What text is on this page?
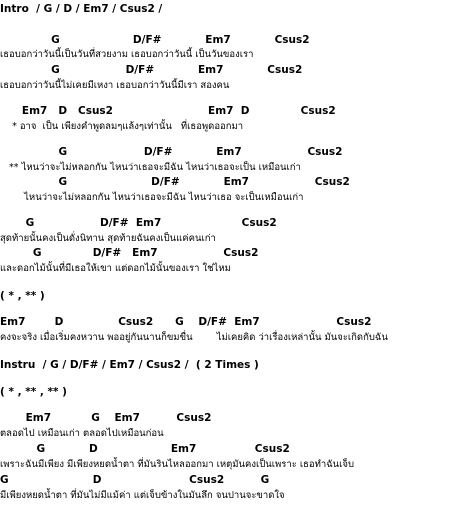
Intro  / G / D / Em7 / Csus2 /
G                    D/F#            Em7            Csus2
เธอบอกว่าวันนี้เป็นวันที่สวยงาม เธอบอกว่าวันนี้ เป็นวันของเรา
G                  D/F#            Em7            Csus2
เธอบอกว่าวันนี้ไม่เคยมีเหงา เธอบอกว่าวันนี้มีเรา สองคน
Em7   D   Csus2                          Em7  D              Csus2
* อาจ  เป็น เพียงคำพูดลมๆแล้งๆเท่านั้น   ที่เธอพูดออกมา
G                     D/F#            Em7                  Csus2
** ไหนว่าจะไม่หลอกกัน ไหนว่าเธอจะมีฉัน ไหนว่าเธอจะเป็น เหมือนเก่า
G                       D/F#            Em7                  Csus2
ไหนว่าจะไม่หลอกกัน ไหนว่าเธอจะมีฉัน ไหนว่าเธอ จะเป็นเหมือนเก่า
G                  D/F#  Em7                      Csus2
สุดท้ายนั้นคงเป็นดั่งนิทาน สุดท้ายฉันคงเป็นแค่คนเก่า
G              D/F#   Em7                  Csus2
และดอกไม้นั้นที่มีเธอให้เขา แต่ดอกไม้นั้นของเรา ใช่ไหม
( * , ** )
Em7        D               Csus2      G    D/F#  Em7                     Csus2
คงจะจริง เมื่อเริ่มคงหวาน พออยู่กันนานก็ขมขื่น        ไม่เคยคิด ว่าเรื่องเหล่านั้น มันจะเกิดกับฉัน
Instru  / G / D/F# / Em7 / Csus2 /  ( 2 Times )
( * , ** , ** )
Em7           G    Em7          Csus2
ตลอดไป เหมือนเก่า ตลอดไปเหมือนก่อน
G            D                    Em7                Csus2
เพราะฉันมีเพียง มีเพียงหยดน้ำตา ที่มันรินไหลออกมา เหตุมันคงเป็นเพราะ เธอทำฉันเจ็บ
G                       D                        Csus2          G
มีเพียงหยดน้ำตา ที่มันไม่มีแม้ค่า แต่เจ็บข้างในมันลึก จนปานจะขาดใจ
